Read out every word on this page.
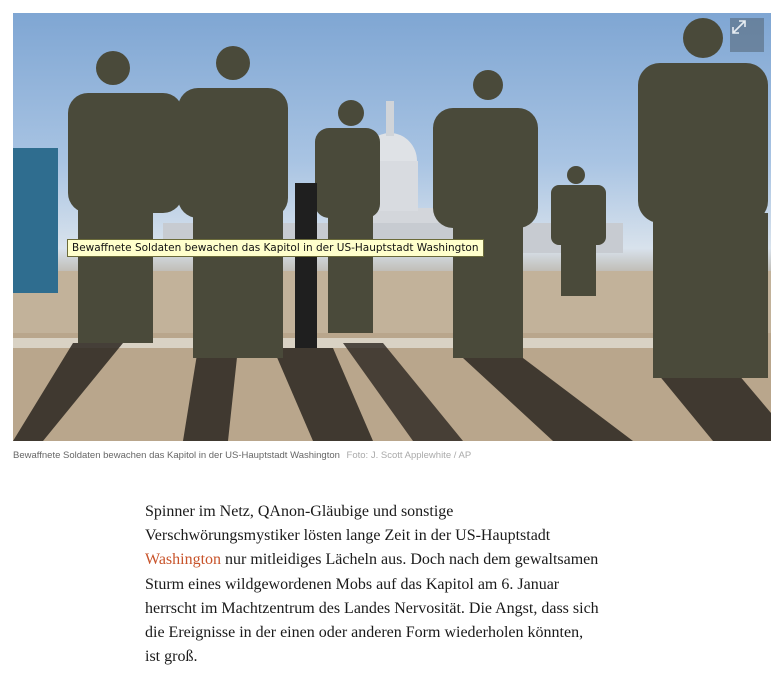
Bewaffnete Soldaten bewachen das Kapitol in der US-Hauptstadt Washington
Bewaffnete Soldaten bewachen das Kapitol in der US-Hauptstadt Washington Foto: J. Scott Applewhite / AP

Spinner im Netz, QAnon-Gläubige und sonstige
Verschwörungsmystiker lösten lange Zeit in der US-Hauptstadt
Washington nur mitleidiges Lächeln aus. Doch nach dem gewaltsamen
Sturm eines wildgewordenen Mobs auf das Kapitol am 6. Januar
herrscht im Machtzentrum des Landes Nervosität. Die Angst, dass sich
die Ereignisse in der einen oder anderen Form wiederholen könnten,
ist groß.
